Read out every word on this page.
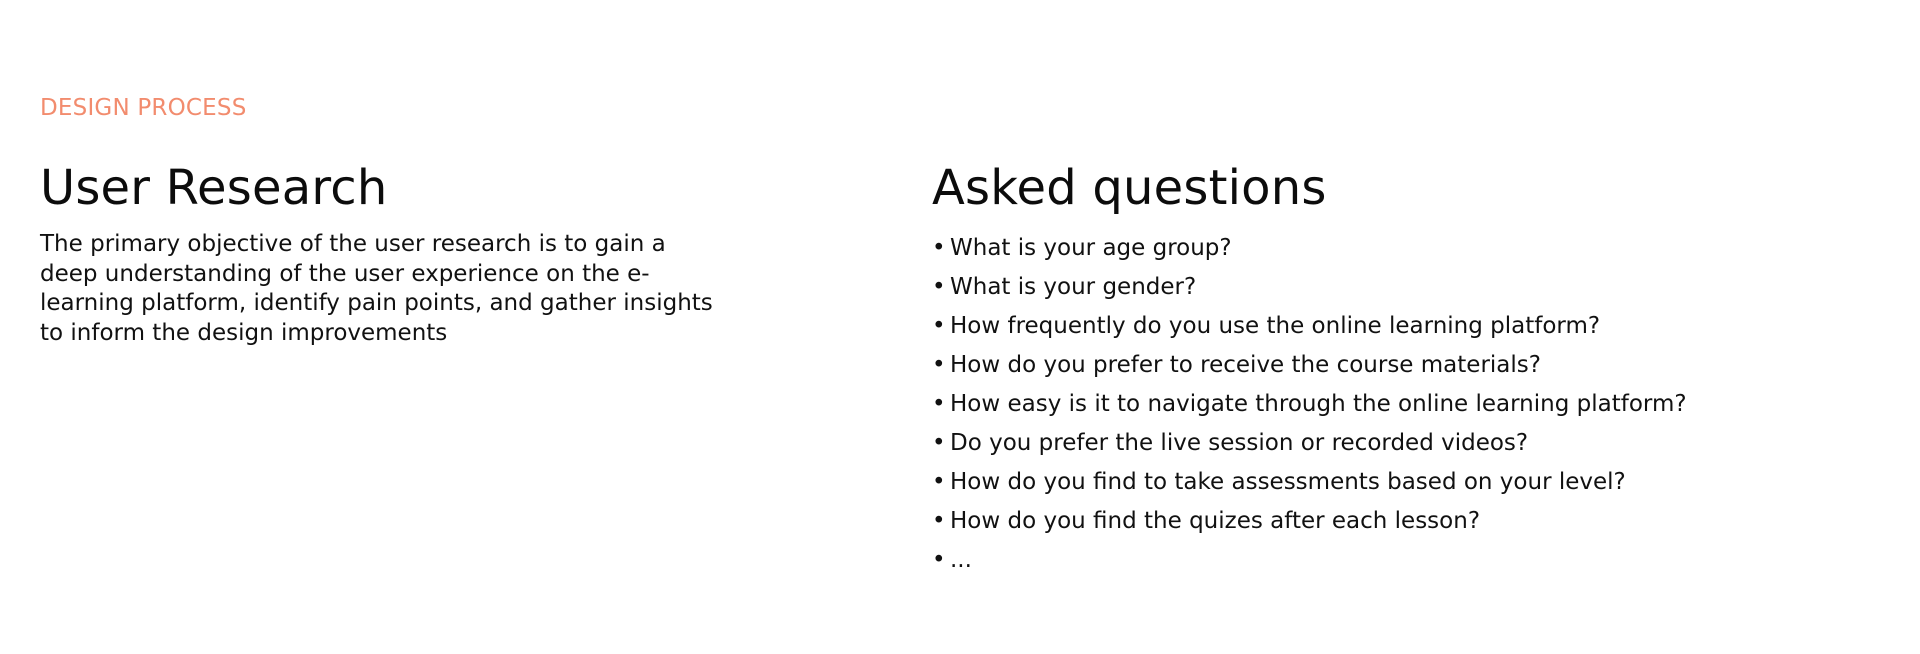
DESIGN PROCESS
User Research
The primary objective of the user research is to gain a deep understanding of the user experience on the e-learning platform, identify pain points, and gather insights to inform the design improvements
Asked questions
• What is your age group?
• What is your gender?
• How frequently do you use the online learning platform?
• How do you prefer to receive the course materials?
• How easy is it to navigate through the online learning platform?
• Do you prefer the live session or recorded videos?
• How do you find to take assessments based on your level?
• How do you find the quizes after each lesson?
• ...
